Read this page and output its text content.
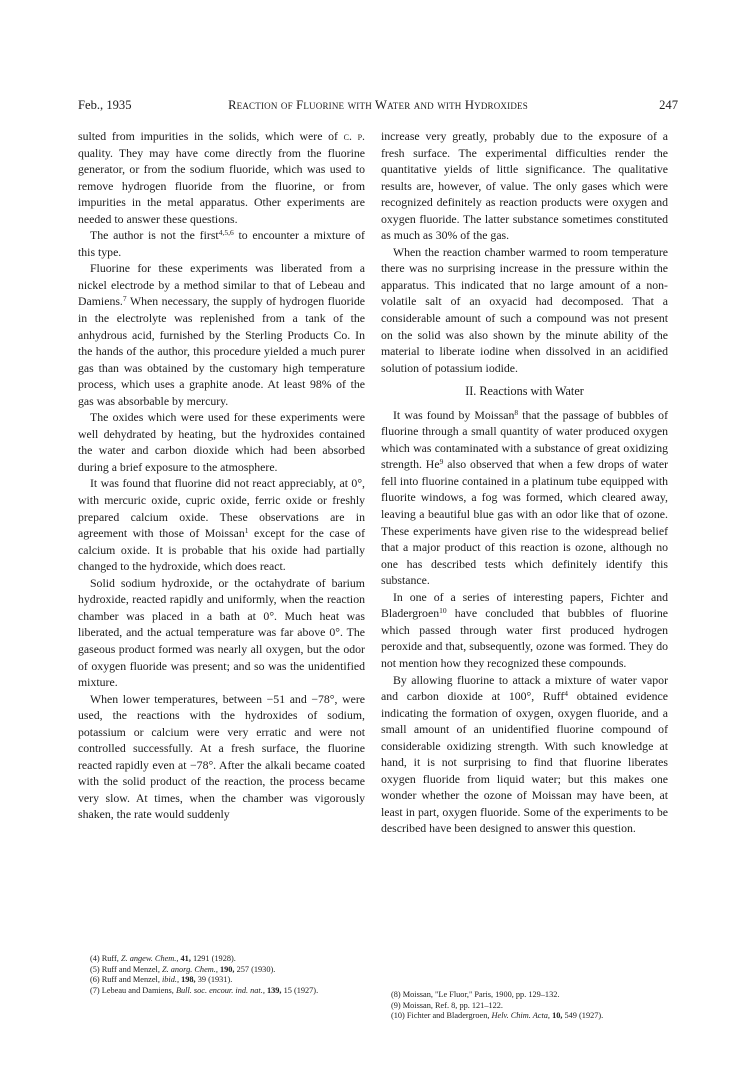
Feb., 1935	Reaction of Fluorine with Water and with Hydroxides	247

sulted from impurities in the solids, which were of c. p. quality. They may have come directly from the fluorine generator, or from the sodium fluoride, which was used to remove hydrogen fluoride from the fluorine, or from impurities in the metal apparatus. Other experiments are needed to answer these questions.

The author is not the first$^{4,5,6}$ to encounter a mixture of this type.

Fluorine for these experiments was liberated from a nickel electrode by a method similar to that of Lebeau and Damiens.$^7$ When necessary, the supply of hydrogen fluoride in the electrolyte was replenished from a tank of the anhydrous acid, furnished by the Sterling Products Co. In the hands of the author, this procedure yielded a much purer gas than was obtained by the customary high temperature process, which uses a graphite anode. At least 98% of the gas was absorbable by mercury.

The oxides which were used for these experiments were well dehydrated by heating, but the hydroxides contained the water and carbon dioxide which had been absorbed during a brief exposure to the atmosphere.

It was found that fluorine did not react appreciably, at 0°, with mercuric oxide, cupric oxide, ferric oxide or freshly prepared calcium oxide. These observations are in agreement with those of Moissan$^1$ except for the case of calcium oxide. It is probable that his oxide had partially changed to the hydroxide, which does react.

Solid sodium hydroxide, or the octahydrate of barium hydroxide, reacted rapidly and uniformly, when the reaction chamber was placed in a bath at 0°. Much heat was liberated, and the actual temperature was far above 0°. The gaseous product formed was nearly all oxygen, but the odor of oxygen fluoride was present; and so was the unidentified mixture.

When lower temperatures, between −51 and −78°, were used, the reactions with the hydroxides of sodium, potassium or calcium were very erratic and were not controlled successfully. At a fresh surface, the fluorine reacted rapidly even at −78°. After the alkali became coated with the solid product of the reaction, the process became very slow. At times, when the chamber was vigorously shaken, the rate would suddenly

increase very greatly, probably due to the exposure of a fresh surface. The experimental difficulties render the quantitative yields of little significance. The qualitative results are, however, of value. The only gases which were recognized definitely as reaction products were oxygen and oxygen fluoride. The latter substance sometimes constituted as much as 30% of the gas.

When the reaction chamber warmed to room temperature there was no surprising increase in the pressure within the apparatus. This indicated that no large amount of a non-volatile salt of an oxyacid had decomposed. That a considerable amount of such a compound was not present on the solid was also shown by the minute ability of the material to liberate iodine when dissolved in an acidified solution of potassium iodide.

II. Reactions with Water

It was found by Moissan$^8$ that the passage of bubbles of fluorine through a small quantity of water produced oxygen which was contaminated with a substance of great oxidizing strength. He$^9$ also observed that when a few drops of water fell into fluorine contained in a platinum tube equipped with fluorite windows, a fog was formed, which cleared away, leaving a beautiful blue gas with an odor like that of ozone. These experiments have given rise to the widespread belief that a major product of this reaction is ozone, although no one has described tests which definitely identify this substance.

In one of a series of interesting papers, Fichter and Bladergroen$^{10}$ have concluded that bubbles of fluorine which passed through water first produced hydrogen peroxide and that, subsequently, ozone was formed. They do not mention how they recognized these compounds.

By allowing fluorine to attack a mixture of water vapor and carbon dioxide at 100°, Ruff$^4$ obtained evidence indicating the formation of oxygen, oxygen fluoride, and a small amount of an unidentified fluorine compound of considerable oxidizing strength. With such knowledge at hand, it is not surprising to find that fluorine liberates oxygen fluoride from liquid water; but this makes one wonder whether the ozone of Moissan may have been, at least in part, oxygen fluoride. Some of the experiments to be described have been designed to answer this question.

(4) Ruff, Z. angew. Chem., 41, 1291 (1928).
(5) Ruff and Menzel, Z. anorg. Chem., 190, 257 (1930).
(6) Ruff and Menzel, ibid., 198, 39 (1931).
(7) Lebeau and Damiens, Bull. soc. encour. ind. nat., 139, 15 (1927).	(8) Moissan, "Le Fluor," Paris, 1900, pp. 129–132.
(9) Moissan, Ref. 8, pp. 121–122.
(10) Fichter and Bladergroen, Helv. Chim. Acta, 10, 549 (1927).
